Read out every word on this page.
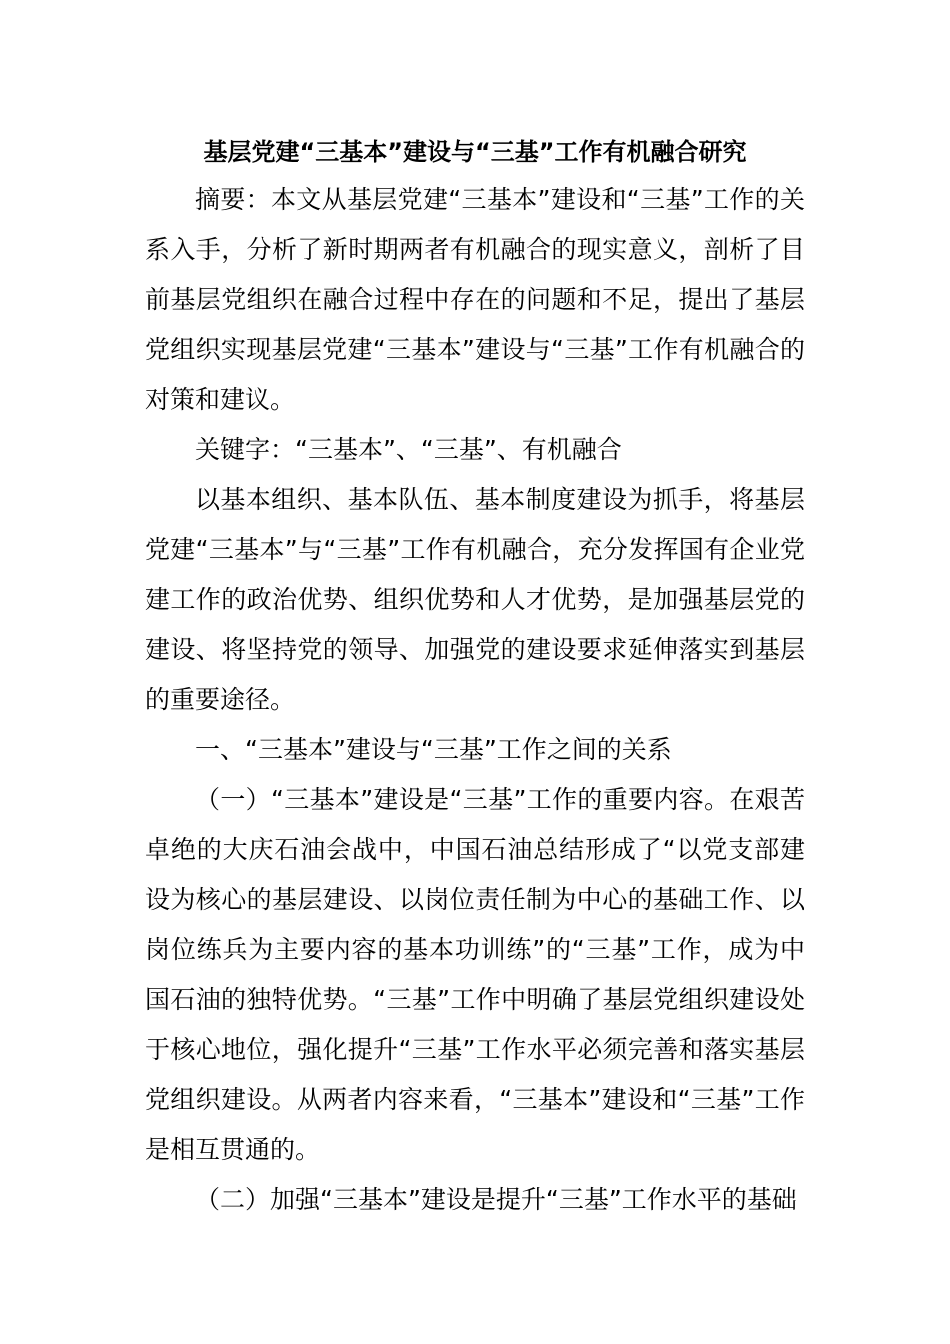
基层党建“三基本”建设与“三基”工作有机融合研究

摘要：本文从基层党建“三基本”建设和“三基”工作的关系入手，分析了新时期两者有机融合的现实意义，剖析了目前基层党组织在融合过程中存在的问题和不足，提出了基层党组织实现基层党建“三基本”建设与“三基”工作有机融合的对策和建议。

关键字：“三基本”、“三基”、有机融合

以基本组织、基本队伍、基本制度建设为抓手，将基层党建“三基本”与“三基”工作有机融合，充分发挥国有企业党建工作的政治优势、组织优势和人才优势，是加强基层党的建设、将坚持党的领导、加强党的建设要求延伸落实到基层的重要途径。

一、“三基本”建设与“三基”工作之间的关系

（一）“三基本”建设是“三基”工作的重要内容。在艰苦卓绝的大庆石油会战中，中国石油总结形成了“以党支部建设为核心的基层建设、以岗位责任制为中心的基础工作、以岗位练兵为主要内容的基本功训练”的“三基”工作，成为中国石油的独特优势。“三基”工作中明确了基层党组织建设处于核心地位，强化提升“三基”工作水平必须完善和落实基层党组织建设。从两者内容来看，“三基本”建设和“三基”工作是相互贯通的。

（二）加强“三基本”建设是提升“三基”工作水平的基础
